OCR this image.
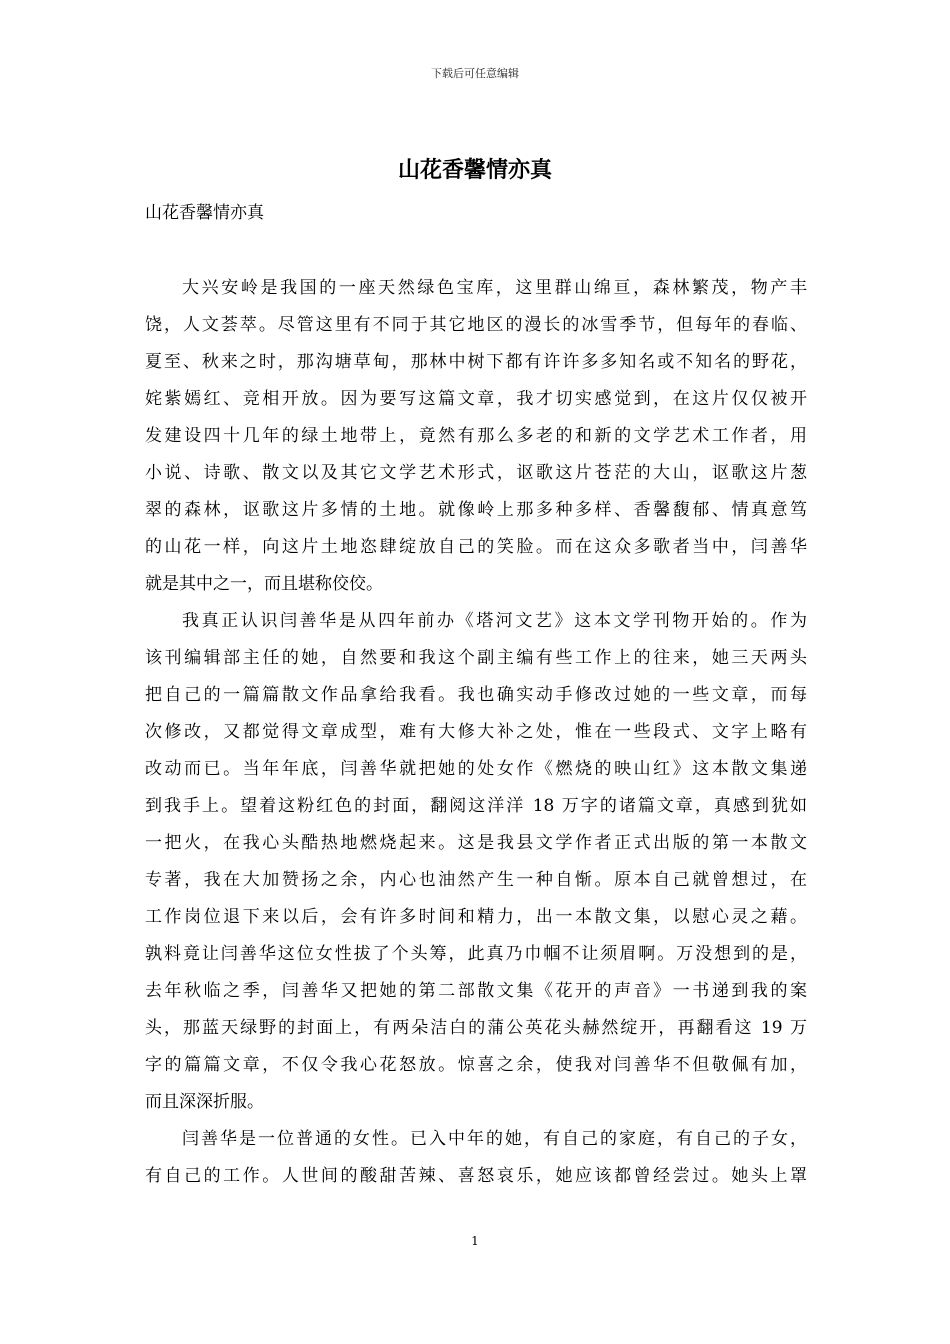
下载后可任意编辑
山花香馨情亦真
山花香馨情亦真
大兴安岭是我国的一座天然绿色宝库，这里群山绵亘，森林繁茂，物产丰
饶，人文荟萃。尽管这里有不同于其它地区的漫长的冰雪季节，但每年的春临、
夏至、秋来之时，那沟塘草甸，那林中树下都有许许多多知名或不知名的野花，
姹紫嫣红、竞相开放。因为要写这篇文章，我才切实感觉到，在这片仅仅被开
发建设四十几年的绿土地带上，竟然有那么多老的和新的文学艺术工作者，用
小说、诗歌、散文以及其它文学艺术形式，讴歌这片苍茫的大山，讴歌这片葱
翠的森林，讴歌这片多情的土地。就像岭上那多种多样、香馨馥郁、情真意笃
的山花一样，向这片土地恣肆绽放自己的笑脸。而在这众多歌者当中，闫善华
就是其中之一，而且堪称佼佼。
我真正认识闫善华是从四年前办《塔河文艺》这本文学刊物开始的。作为
该刊编辑部主任的她，自然要和我这个副主编有些工作上的往来，她三天两头
把自己的一篇篇散文作品拿给我看。我也确实动手修改过她的一些文章，而每
次修改，又都觉得文章成型，难有大修大补之处，惟在一些段式、文字上略有
改动而已。当年年底，闫善华就把她的处女作《燃烧的映山红》这本散文集递
到我手上。望着这粉红色的封面，翻阅这洋洋 18 万字的诸篇文章，真感到犹如
一把火，在我心头酷热地燃烧起来。这是我县文学作者正式出版的第一本散文
专著，我在大加赞扬之余，内心也油然产生一种自惭。原本自己就曾想过，在
工作岗位退下来以后，会有许多时间和精力，出一本散文集，以慰心灵之藉。
孰料竟让闫善华这位女性拔了个头筹，此真乃巾帼不让须眉啊。万没想到的是，
去年秋临之季，闫善华又把她的第二部散文集《花开的声音》一书递到我的案
头，那蓝天绿野的封面上，有两朵洁白的蒲公英花头赫然绽开，再翻看这 19 万
字的篇篇文章，不仅令我心花怒放。惊喜之余，使我对闫善华不但敬佩有加，
而且深深折服。
闫善华是一位普通的女性。已入中年的她，有自己的家庭，有自己的子女，
有自己的工作。人世间的酸甜苦辣、喜怒哀乐，她应该都曾经尝过。她头上罩
1
